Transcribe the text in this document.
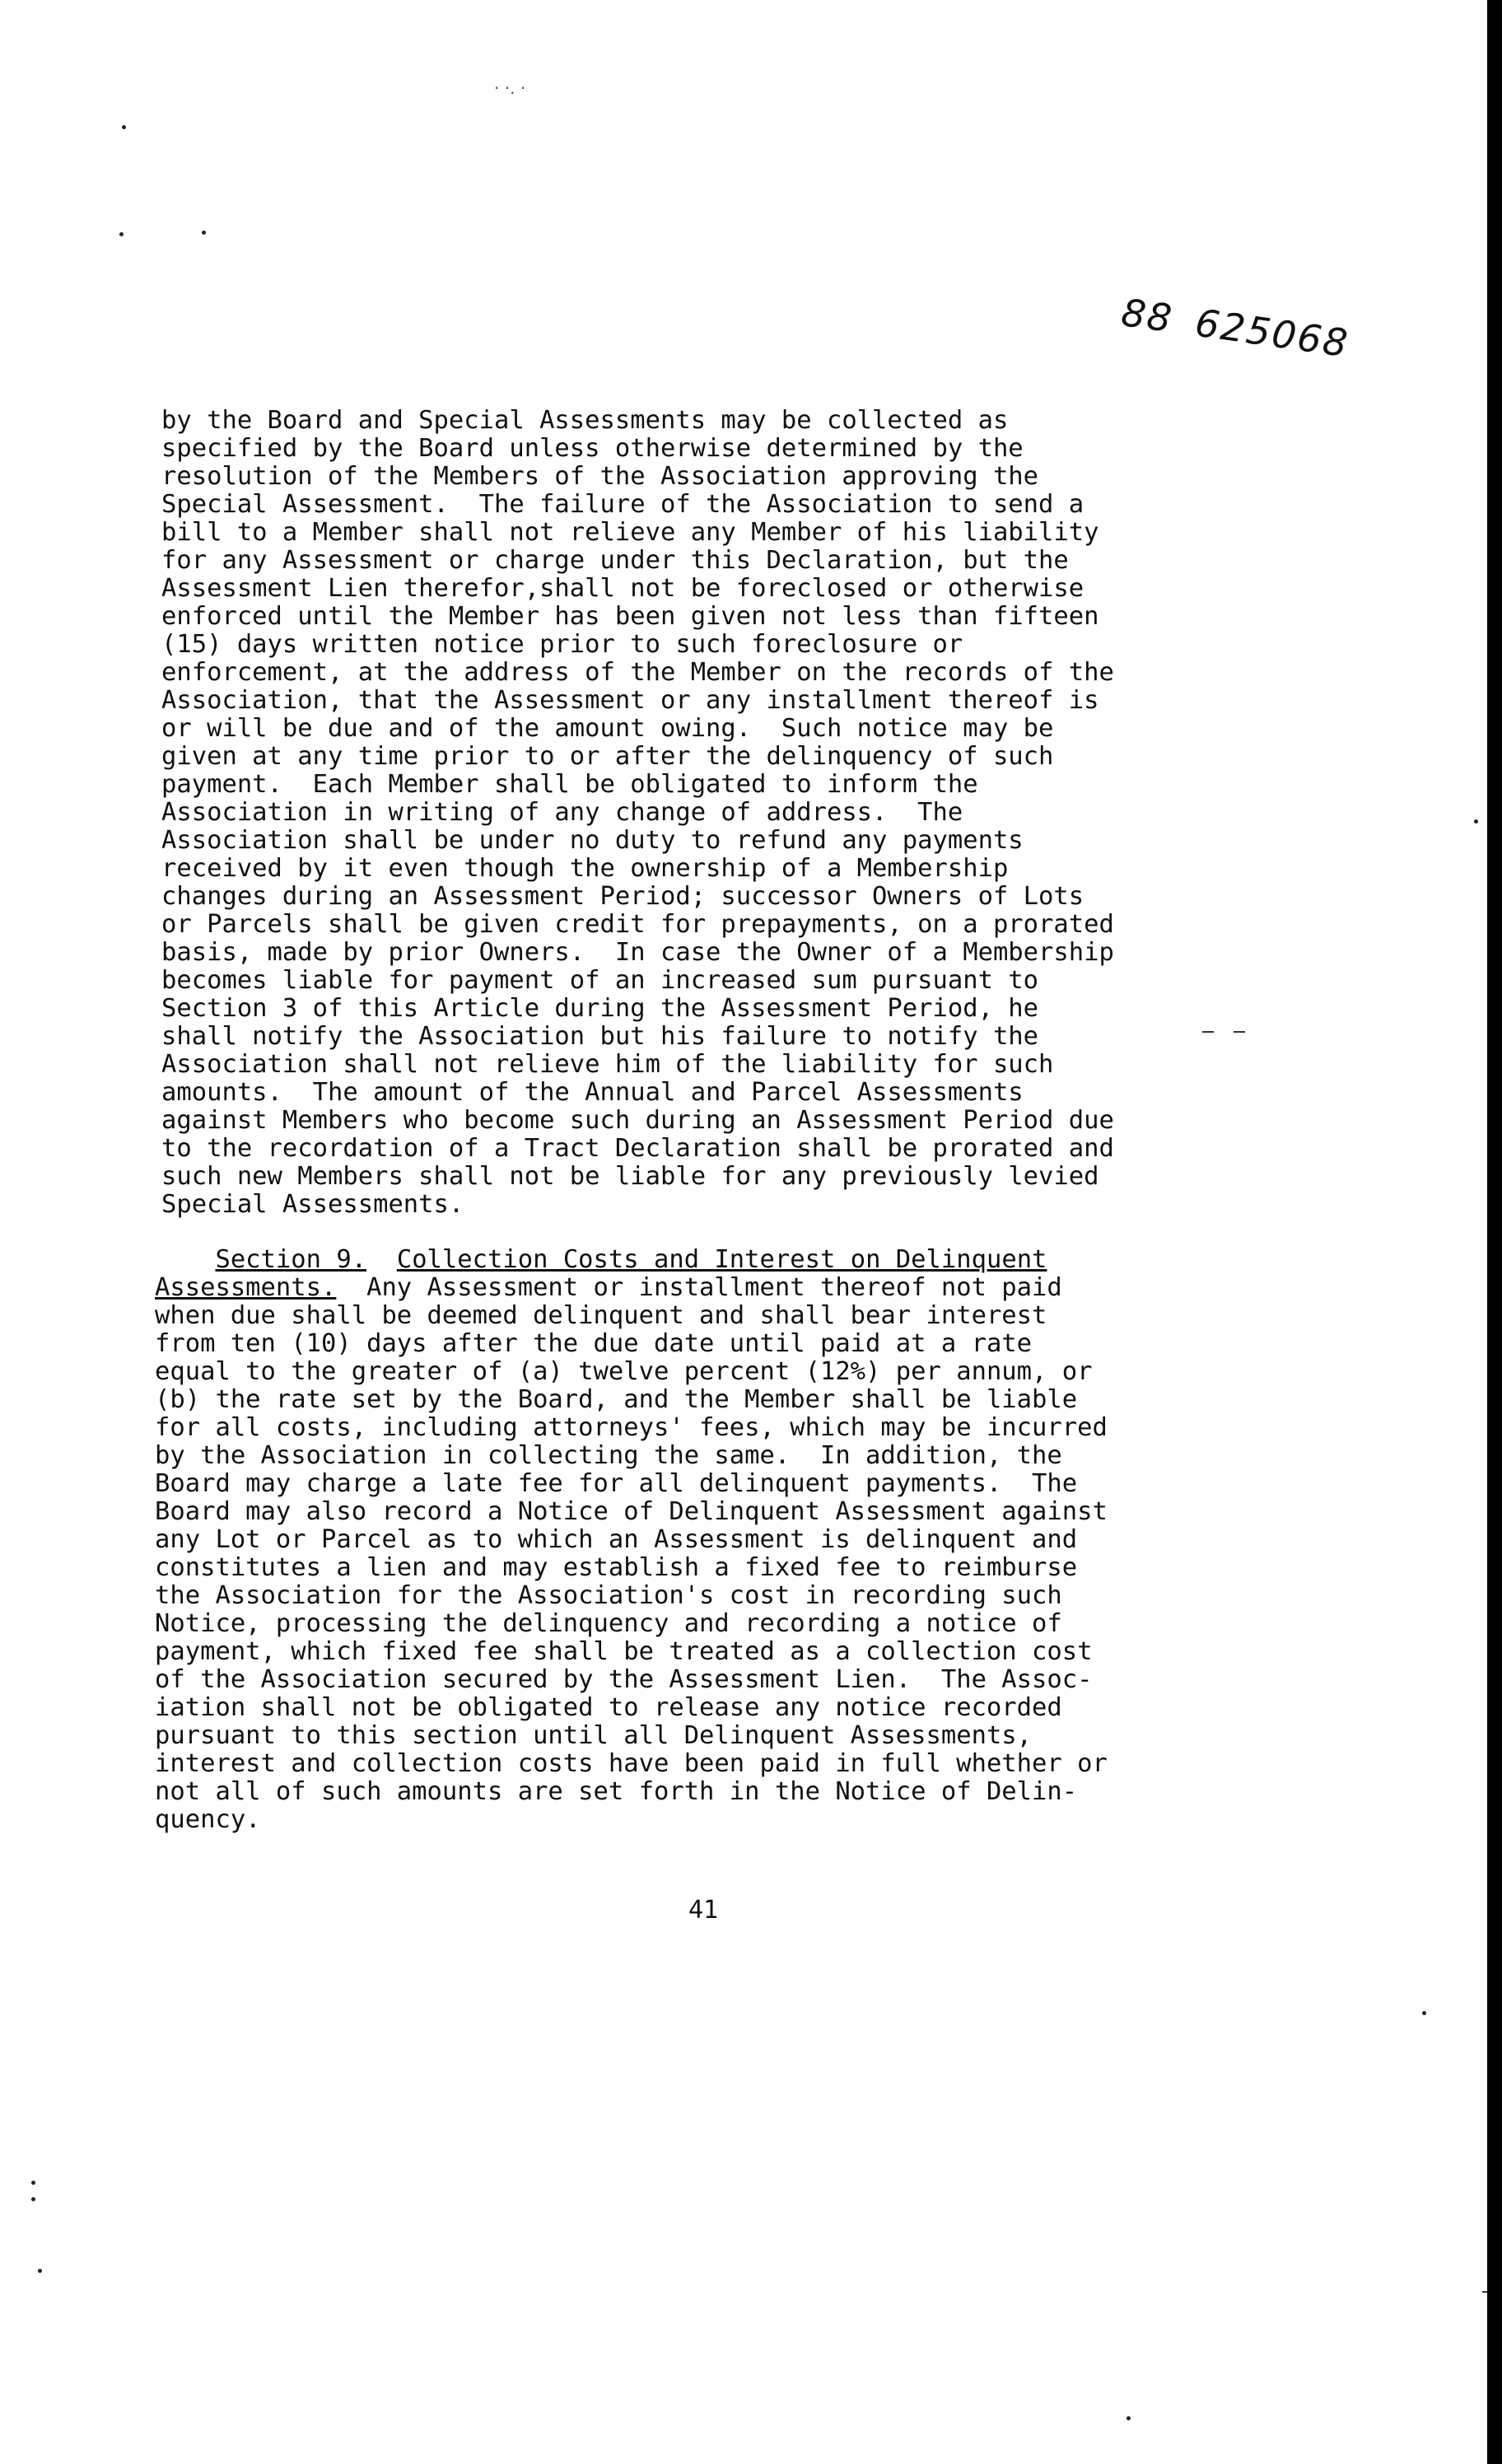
· ·. ·
88 625068
by the Board and Special Assessments may be collected as
specified by the Board unless otherwise determined by the
resolution of the Members of the Association approving the
Special Assessment.  The failure of the Association to send a
bill to a Member shall not relieve any Member of his liability
for any Assessment or charge under this Declaration, but the
Assessment Lien therefor,shall not be foreclosed or otherwise
enforced until the Member has been given not less than fifteen
(15) days written notice prior to such foreclosure or
enforcement, at the address of the Member on the records of the
Association, that the Assessment or any installment thereof is
or will be due and of the amount owing.  Such notice may be
given at any time prior to or after the delinquency of such
payment.  Each Member shall be obligated to inform the
Association in writing of any change of address.  The
Association shall be under no duty to refund any payments
received by it even though the ownership of a Membership
changes during an Assessment Period; successor Owners of Lots
or Parcels shall be given credit for prepayments, on a prorated
basis, made by prior Owners.  In case the Owner of a Membership
becomes liable for payment of an increased sum pursuant to
Section 3 of this Article during the Assessment Period, he
shall notify the Association but his failure to notify the
Association shall not relieve him of the liability for such
amounts.  The amount of the Annual and Parcel Assessments
against Members who become such during an Assessment Period due
to the recordation of a Tract Declaration shall be prorated and
such new Members shall not be liable for any previously levied
Special Assessments.
Section 9. Collection Costs and Interest on Delinquent
Assessments.  Any Assessment or installment thereof not paid
when due shall be deemed delinquent and shall bear interest
from ten (10) days after the due date until paid at a rate
equal to the greater of (a) twelve percent (12%) per annum, or
(b) the rate set by the Board, and the Member shall be liable
for all costs, including attorneys' fees, which may be incurred
by the Association in collecting the same.  In addition, the
Board may charge a late fee for all delinquent payments.  The
Board may also record a Notice of Delinquent Assessment against
any Lot or Parcel as to which an Assessment is delinquent and
constitutes a lien and may establish a fixed fee to reimburse
the Association for the Association's cost in recording such
Notice, processing the delinquency and recording a notice of
payment, which fixed fee shall be treated as a collection cost
of the Association secured by the Assessment Lien.  The Assoc-
iation shall not be obligated to release any notice recorded
pursuant to this section until all Delinquent Assessments,
interest and collection costs have been paid in full whether or
not all of such amounts are set forth in the Notice of Delin-
quency.
41
